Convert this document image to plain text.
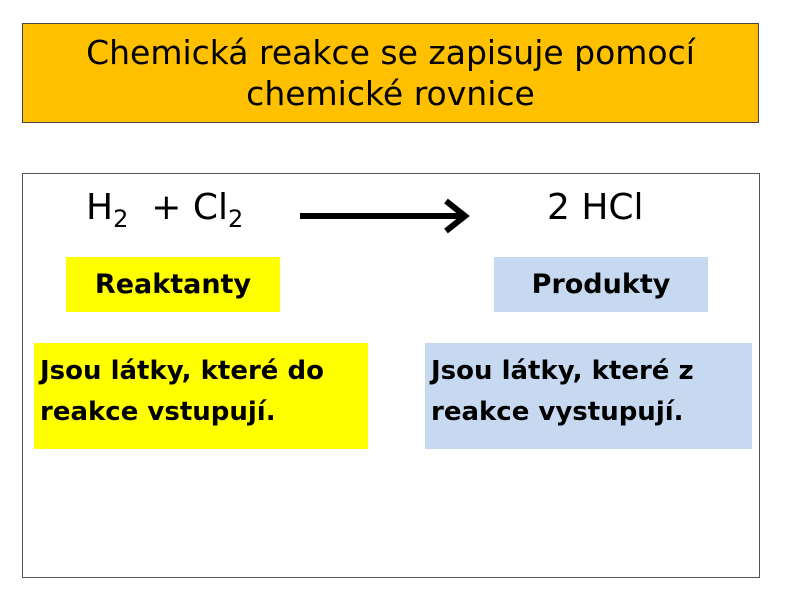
Chemická reakce se zapisuje pomocí chemické rovnice
$H_2 + Cl_2$	2 HCl
Reaktanty	Produkty
Jsou látky, které do reakce vstupují.
Jsou látky, které z reakce vystupují.
